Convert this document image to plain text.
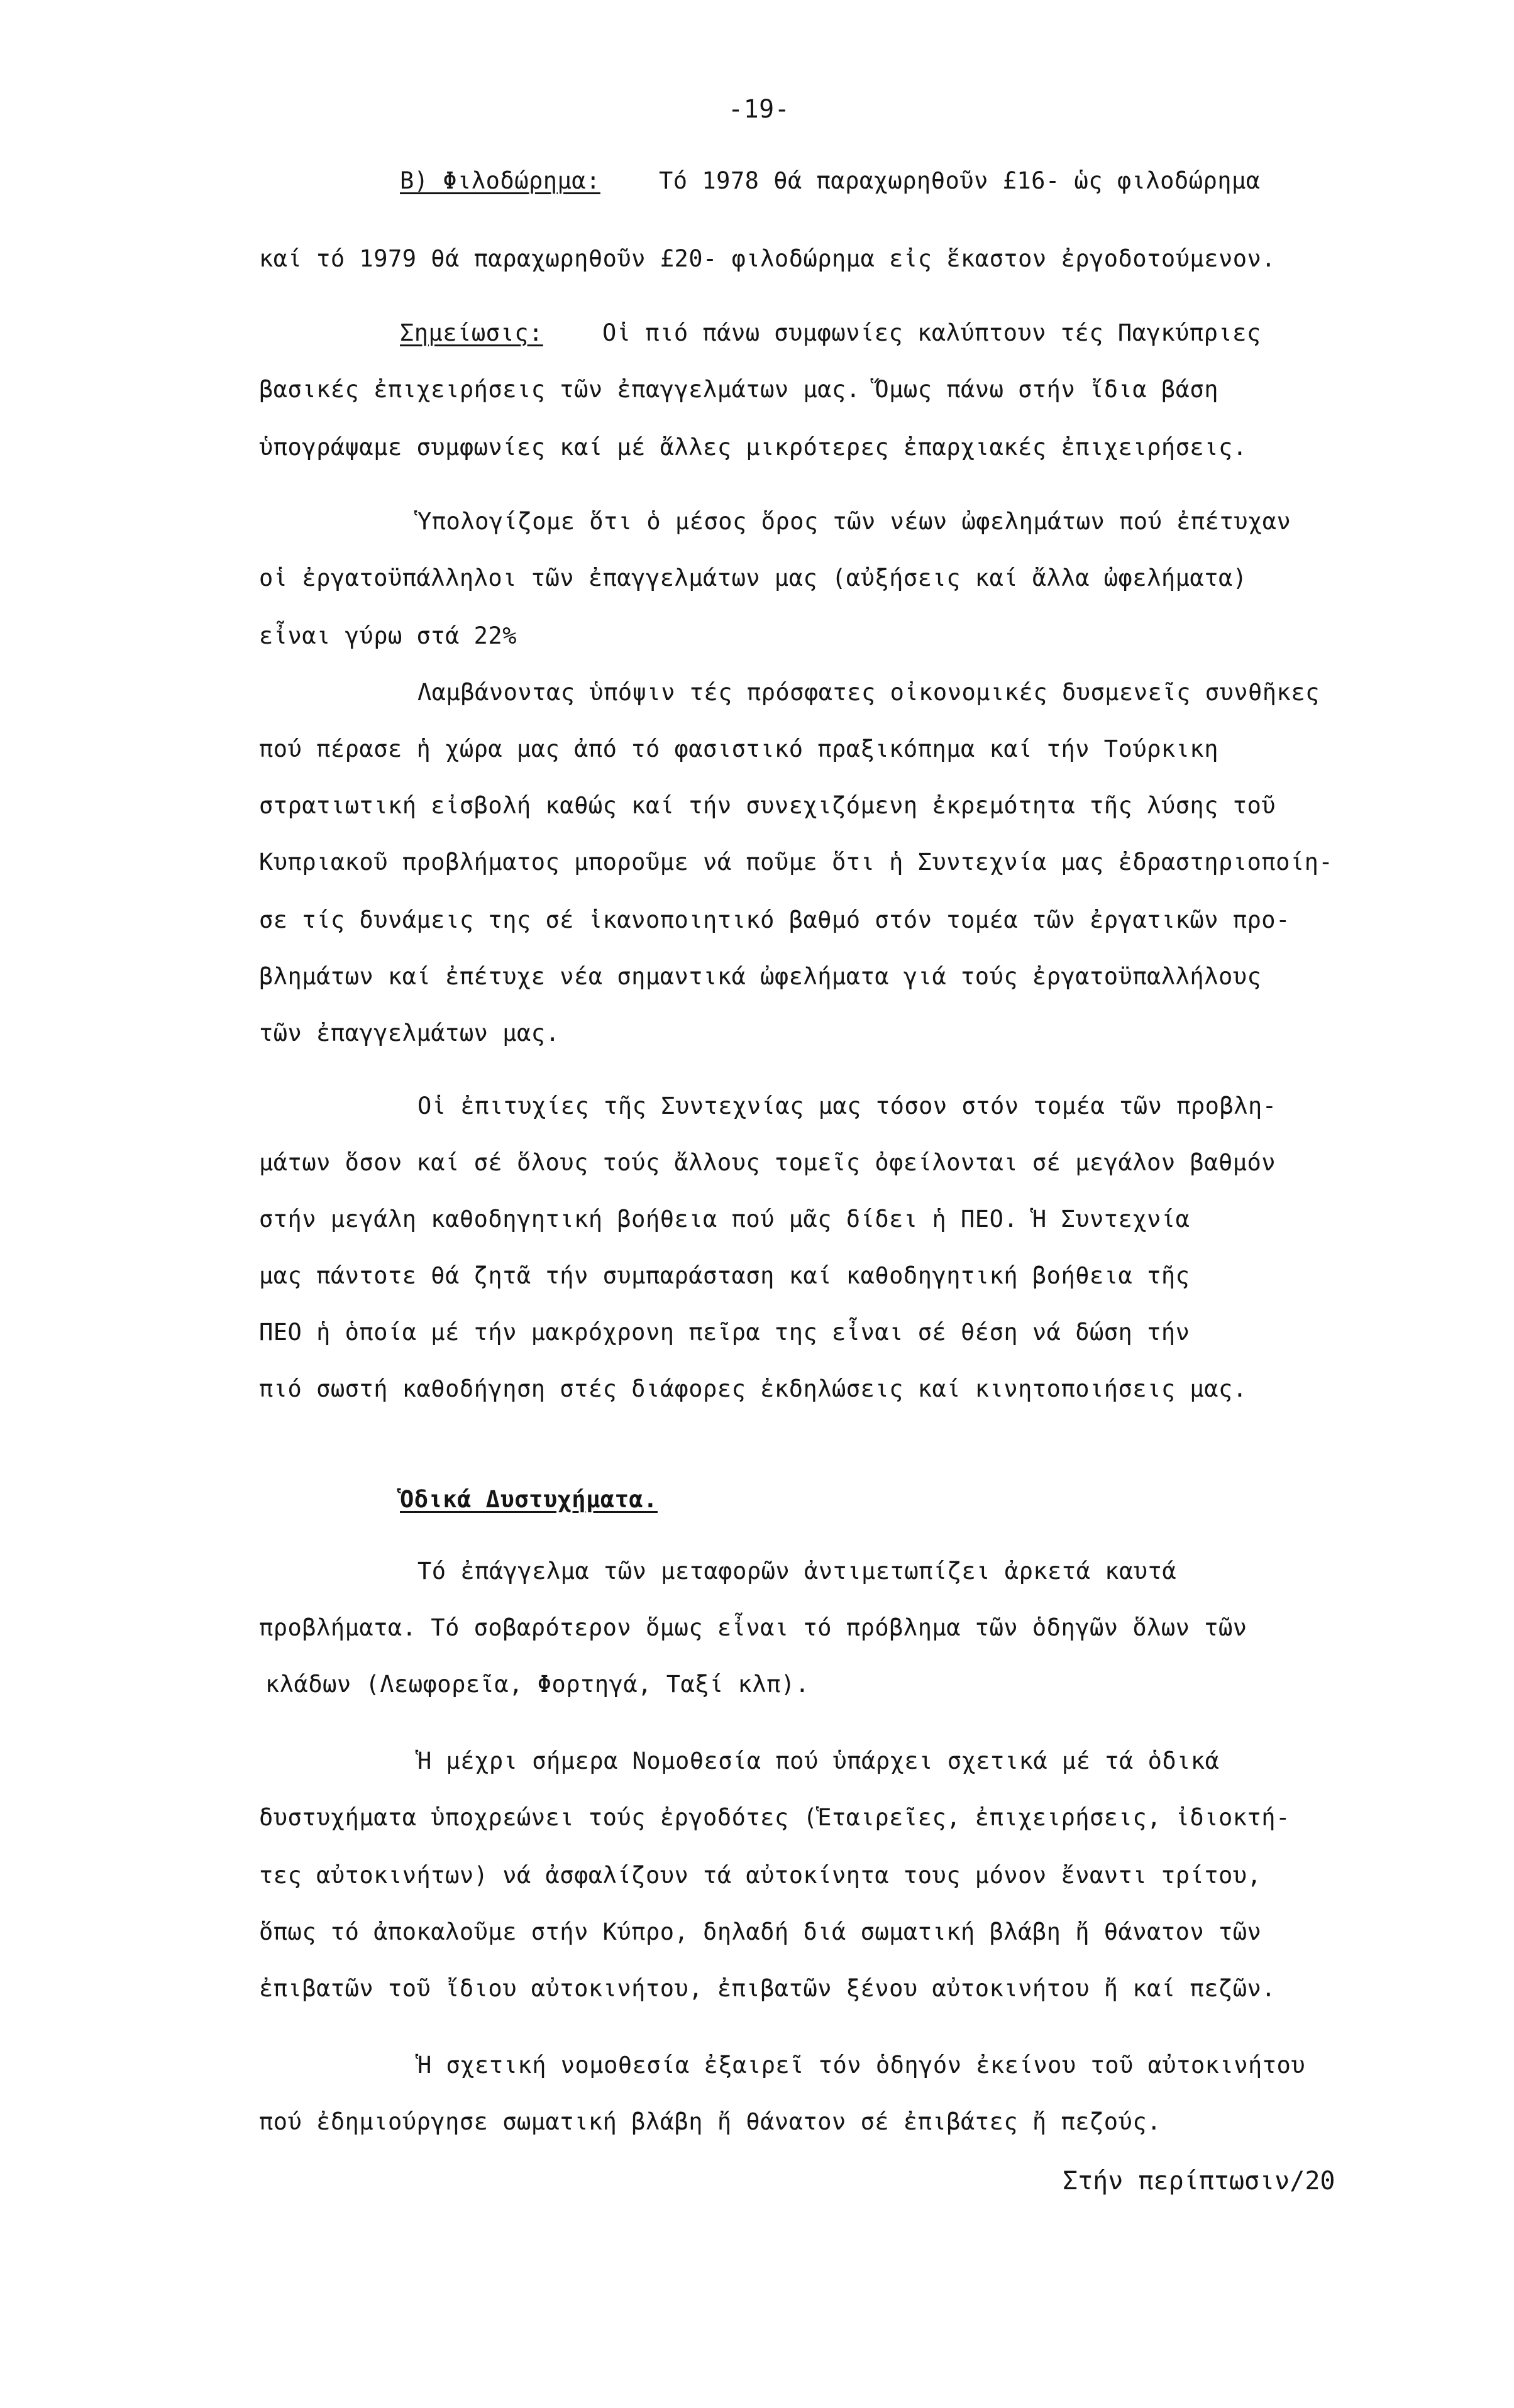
-19-
Β) Φιλοδώρημα:	Τό 1978 θά παραχωρηθοῦν £16- ὡς φιλοδώρημα
καί τό 1979 θά παραχωρηθοῦν £20- φιλοδώρημα εἰς ἕκαστον ἐργοδοτούμενον.
Σημείωσις:	Οἱ πιό πάνω συμφωνίες καλύπτουν τές Παγκύπριες
βασικές ἐπιχειρήσεις τῶν ἐπαγγελμάτων μας. Ὅμως πάνω στήν ἴδια βάση
ὑπογράψαμε συμφωνίες καί μέ ἄλλες μικρότερες ἐπαρχιακές ἐπιχειρήσεις.
Ὑπολογίζομε ὅτι ὁ μέσος ὅρος τῶν νέων ὠφελημάτων πού ἐπέτυχαν
οἱ ἐργατοϋπάλληλοι τῶν ἐπαγγελμάτων μας (αὐξήσεις καί ἄλλα ὠφελήματα)
εἶναι γύρω στά 22%
Λαμβάνοντας ὑπόψιν τές πρόσφατες οἰκονομικές δυσμενεῖς συνθῆκες
πού πέρασε ἡ χώρα μας ἀπό τό φασιστικό πραξικόπημα καί τήν Τούρκικη
στρατιωτική εἰσβολή καθώς καί τήν συνεχιζόμενη ἐκρεμότητα τῆς λύσης τοῦ
Κυπριακοῦ προβλήματος μποροῦμε νά ποῦμε ὅτι ἡ Συντεχνία μας ἐδραστηριοποίη-
σε τίς δυνάμεις της σέ ἱκανοποιητικό βαθμό στόν τομέα τῶν ἐργατικῶν προ-
βλημάτων καί ἐπέτυχε νέα σημαντικά ὠφελήματα γιά τούς ἐργατοϋπαλλήλους
τῶν ἐπαγγελμάτων μας.
Οἱ ἐπιτυχίες τῆς Συντεχνίας μας τόσον στόν τομέα τῶν προβλη-
μάτων ὅσον καί σέ ὅλους τούς ἄλλους τομεῖς ὀφείλονται σέ μεγάλον βαθμόν
στήν μεγάλη καθοδηγητική βοήθεια πού μᾶς δίδει ἡ ΠΕΟ. Ἡ Συντεχνία
μας πάντοτε θά ζητᾶ τήν συμπαράσταση καί καθοδηγητική βοήθεια τῆς
ΠΕΟ ἡ ὁποία μέ τήν μακρόχρονη πεῖρα της εἶναι σέ θέση νά δώση τήν
πιό σωστή καθοδήγηση στές διάφορες ἐκδηλώσεις καί κινητοποιήσεις μας.
Ὁδικά Δυστυχήματα.
Τό ἐπάγγελμα τῶν μεταφορῶν ἀντιμετωπίζει ἀρκετά καυτά
προβλήματα. Τό σοβαρότερον ὅμως εἶναι τό πρόβλημα τῶν ὁδηγῶν ὅλων τῶν
κλάδων (Λεωφορεῖα, Φορτηγά, Ταξί κλπ).
Ἡ μέχρι σήμερα Νομοθεσία πού ὑπάρχει σχετικά μέ τά ὁδικά
δυστυχήματα ὑποχρεώνει τούς ἐργοδότες (Ἑταιρεῖες, ἐπιχειρήσεις, ἰδιοκτή-
τες αὐτοκινήτων) νά ἀσφαλίζουν τά αὐτοκίνητα τους μόνον ἔναντι τρίτου,
ὅπως τό ἀποκαλοῦμε στήν Κύπρο, δηλαδή διά σωματική βλάβη ἤ θάνατον τῶν
ἐπιβατῶν τοῦ ἴδιου αὐτοκινήτου, ἐπιβατῶν ξένου αὐτοκινήτου ἤ καί πεζῶν.
Ἡ σχετική νομοθεσία ἐξαιρεῖ τόν ὁδηγόν ἐκείνου τοῦ αὐτοκινήτου
πού ἐδημιούργησε σωματική βλάβη ἤ θάνατον σέ ἐπιβάτες ἤ πεζούς.
Στήν περίπτωσιν/20
